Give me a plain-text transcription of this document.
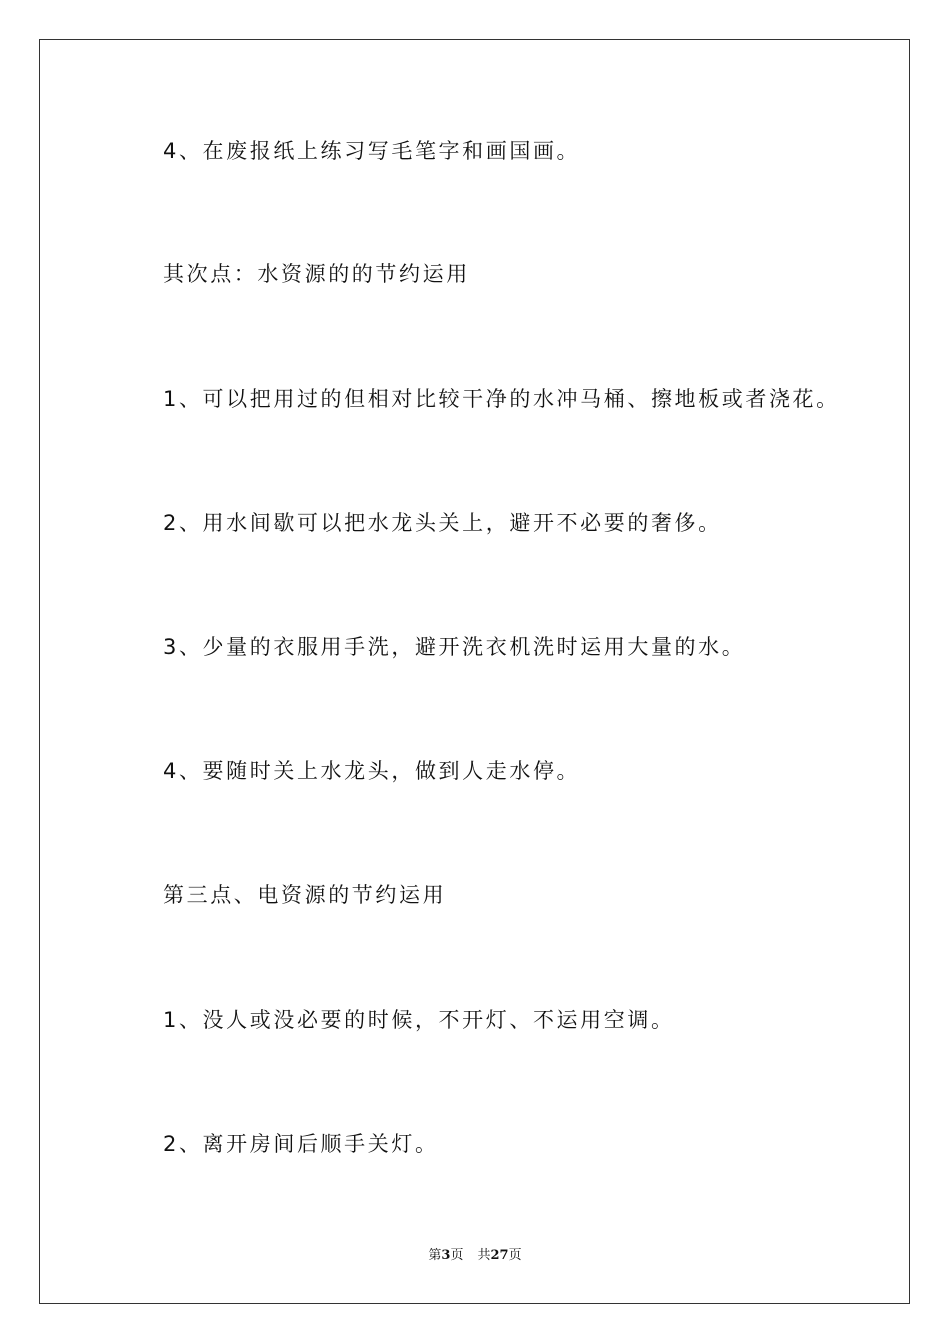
4、在废报纸上练习写毛笔字和画国画。
其次点：水资源的的节约运用
1、可以把用过的但相对比较干净的水冲马桶、擦地板或者浇花。
2、用水间歇可以把水龙头关上，避开不必要的奢侈。
3、少量的衣服用手洗，避开洗衣机洗时运用大量的水。
4、要随时关上水龙头，做到人走水停。
第三点、电资源的节约运用
1、没人或没必要的时候，不开灯、不运用空调。
2、离开房间后顺手关灯。
第3页 共27页
